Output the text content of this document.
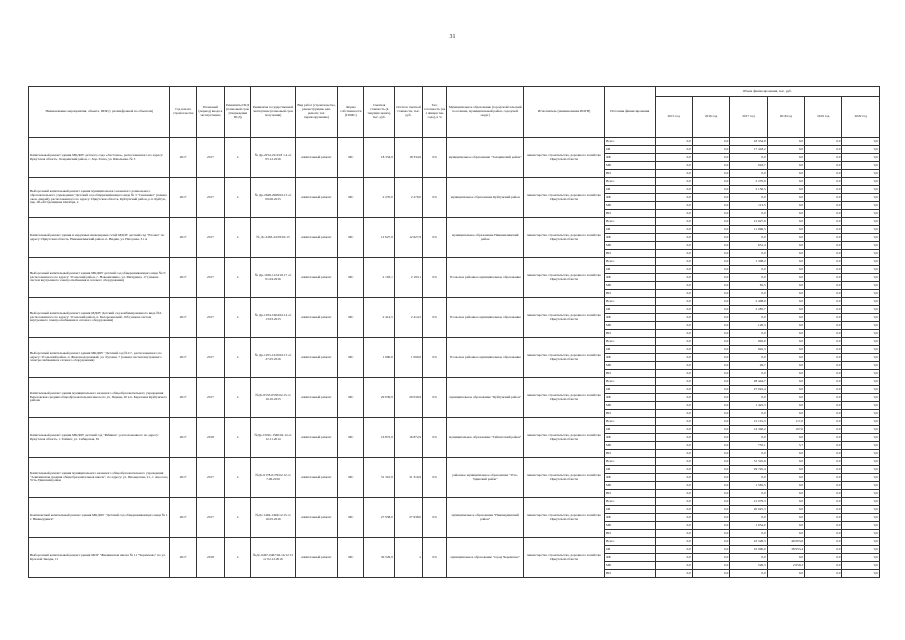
31
Наименование мероприятия, объекта, ПИР (с расшифровкой по объектам)	Год начала строительства	Плановый (период) ввода в эксплуатацию	Реквизиты ПСД (плановый срок утверждения ПСД)	Реквизиты государственной экспертизы (плановый срок получения)	Вид работ (строительство, реконструкция, кап. ремонт, тех. перевооружение)	Форма собственности (ГОМС)	Сметная стоимость (в текущих ценах), тыс. руб.	Остаток сметной стоимости, тыс. руб.	Тех. готовность (на 1 января тек. года), в %	Муниципальное образование (городской/сельский поселение, муниципальный район, городской округ)	Исполнитель (наименование ИОГВ)	Источник финансирования	Объем финансирования, тыс. руб.					
													2015 год	2016 год	2017 год	2018 год	2019 год	2020 год
Капитальный ремонт здания МКДОУ детского сада «Ласточка», расположенного по адресу: Иркутская область, Заларинский район, с. Хор-Тагна, ул. Школьная, № 3	2017	2017	х	№ Др-2254-22/4/18 1.4 от 05.12.2016	капитальный ремонт	МС	18 334,9	18 334,9	0%	муниципальное образование "Заларинский район"	министерство строительства, дорожного хозяйства Иркутской области	Всего	0,0	0,0	18 334,9	0,0	0,0	0,0
												ОБ	0,0	0,0	17 418,2	0,0	0,0	0,0
												ФБ	0,0	0,0	0,0	0,0	0,0	0,0
												МБ	0,0	0,0	916,7	0,0	0,0	0,0
												ВИ	0,0	0,0	0,0	0,0	0,0	0,0
Выборочный капитальный ремонт здания муниципального казенного дошкольного образовательного учреждения "Детский сад общеразвивающего вида № 3 "Снежинка" (замена окон, дверей), расположенного по адресу: Иркутская область, Куйтунский район, р.п. Куйтун, пер. 40-ей Годовщины Октября, 2	2017	2017	х	№ Др-2648-2968/02.15 от 09.06.2015	капитальный ремонт	МС	2 270,0	2 270,0	0%	муниципальное образование Куйтунский район	министерство строительства, дорожного хозяйства Иркутской области	Всего	0,0	0,0	2 270,0	0,0	0,0	0,0
												ОБ	0,0	0,0	2 156,5	0,0	0,0	0,0
												ФБ	0,0	0,0	0,0	0,0	0,0	0,0
												МБ	0,0	0,0	113,5	0,0	0,0	0,0
												ВИ	0,0	0,0	0,0	0,0	0,0	0,0
Капитальный ремонт здания и наружных инженерных сетей МДОУ детский сад "Елочка" по адресу: Иркутская область, Нижнеилимский район, п. Видим, ул. Нагорная, 31 А	2017	2017	х	№ Дс-2463-24/03/02.15	капитальный ремонт	МС	12 627,9	12 627,9	0%	муниципальное образование Нижнеилимский район	министерство строительства, дорожного хозяйства Иркутской области	Всего	0,0	0,0	12 627,9	0,0	0,0	0,0
												ОБ	0,0	0,0	11 996,5	0,0	0,0	0,0
												ФБ	0,0	0,0	0,0	0,0	0,0	0,0
												МБ	0,0	0,0	631,4	0,0	0,0	0,0
												ВИ	0,0	0,0	0,0	0,0	0,0	0,0
Выборочный капитальный ремонт здания МКДОУ детский сад общеразвивающего вида №17, расположенного по адресу: Усольский район, с. Новожилкино, ул. Мичурина, 17 (замена систем внутреннего электроснабжения и сетевого оборудования)	2017	2017	х	№ Др-1026-1124/16.17 от 01.04.2016	капитальный ремонт	МС	2 193,1	2 193,1	0%	Усольское районное муниципальное образование	министерство строительства, дорожного хозяйства Иркутской области	Всего	0,0	0,0	1 308,2	0,0	0,0	0,0
												ОБ	0,0	0,0	0,0	0,0	0,0	0,0
												ФБ	0,0	0,0	0,0	0,0	0,0	0,0
												МБ	0,0	0,0	65,5	0,0	0,0	0,0
												ВИ	0,0	0,0	0,0	0,0	0,0	0,0
Выборочный капитальный ремонт здания МДОУ Детский сад комбинированного вида №3, расположенного по адресу: Усольский район, п. Белореченский, 16б (замена систем внутреннего электроснабжения и сетевого оборудования)	2017	2017	х	№ Др-1034-1604/02.14 от 13.03.2015	капитальный ремонт	МС	2 414,5	2 414,5	0%	Усольское районное муниципальное образование	министерство строительства, дорожного хозяйства Иркутской области	Всего	0,0	0,0	2 408,0	0,0	0,0	0,0
												ОБ	0,0	0,0	2 285,7	0,0	0,0	0,0
												ФБ	0,0	0,0	0,0	0,0	0,0	0,0
												МБ	0,0	0,0	120,3	0,0	0,0	0,0
												ВИ	0,0	0,0	0,0	0,0	0,0	0,0
Выборочный капитальный ремонт здания МКДОУ "Детский сад №11", расположенного по адресу: Усольский район, п. Железнодорожный, ул. Луговая, 7 (замена систем внутреннего электроснабжения и сетевого оборудования)	2017	2017	х	№ Др-1455-1619/02.15 от 27.05.2016	капитальный ремонт	МС	1 090,6	1 090,6	0%	Усольское районное муниципальное образование	министерство строительства, дорожного хозяйства Иркутской области	Всего	0,0	0,0	992,0	0,0	0,0	0,0
												ОБ	0,0	0,0	942,3	0,0	0,0	0,0
												ФБ	0,0	0,0	0,0	0,0	0,0	0,0
												МБ	0,0	0,0	49,7	0,0	0,0	0,0
												ВИ	0,0	0,0	0,0	0,0	0,0	0,0
Капитальный ремонт здания муниципального казенного общеобразовательного учреждения Березовская средняя общеобразовательная школа по ул. Первая, 20 в п. Березовка Куйтунского района	2017	2017	х	№Дс-0535-0550/02.15 от 16.10.2015	капитальный ремонт	МС	29 039,9	29 039,9	0%	муниципальное образование "Куйтунский район"	министерство строительства, дорожного хозяйства Иркутской области	Всего	0,0	0,0	28 444,7	0,0	0,0	0,0
												ОБ	0,0	0,0	27 022,4	0,0	0,0	0,0
												ФБ	0,0	0,0	0,0	0,0	0,0	0,0
												МБ	0,0	0,0	1 422,3	0,0	0,0	0,0
												ВИ	0,0	0,0	0,0	0,0	0,0	0,0
Капитальный ремонт здания МКДОУ детский сад "Рябинка", расположенного по адресу: Иркутская область, г. Тайшет, ул. Сибирская, 81	2017	2018	х	№Др-1500с-1560/02.14 от 12.11.2014	капитальный ремонт	МС	16 872,9	16 872,9	0%	муниципальное образование "Тайшетский район"	министерство строительства, дорожного хозяйства Иркутской области	Всего	0,0	0,0	15 101,3	117,0	0,0	0,0
												ОБ	0,0	0,0	14 346,2	107,0	0,0	0,0
												ФБ	0,0	0,0	0,0	0,0	0,0	0,0
												МБ	0,0	0,0	755,1	5,7	0,0	0,0
												ВИ	0,0	0,0	0,0	0,0	0,0	0,0
Капитальный ремонт здания муниципального казенного общеобразовательного учреждения "Аляткинская средняя общеобразовательная школа", по адресу: ул. Пионерская, 21, с. Аносово, Усть-Удинский район	2017	2017	х	№Дс-0178-0179/02.12 от 7.06.2016	капитальный ремонт	МС	31 310,9	31 310,9	0%	районное муниципальное образование "Усть-Удинский район"	министерство строительства, дорожного хозяйства Иркутской области	Всего	0,0	0,0	31 310,9	0,0	0,0	0,0
												ОБ	0,0	0,0	29 745,4	0,0	0,0	0,0
												ФБ	0,0	0,0	0,0	0,0	0,0	0,0
												МБ	0,0	0,0	1 565,5	0,0	0,0	0,0
												ВИ	0,0	0,0	0,0	0,0	0,0	0,0
Комплексный капитальный ремонт здания МКДОУ "Детский сад общеразвивающего вида № 1 г. Нижнеудинск"	2017	2017	х	№Дс-1494-1494/12.15 от 16.05.2016	капитальный ремонт	МС	27 938,0	27 938,0	0%	муниципальное образование "Нижнеудинский район"	министерство строительства, дорожного хозяйства Иркутской области	Всего	0,0	0,0	21 079,3	0,0	0,0	0,0
												ОБ	0,0	0,0	20 025,3	0,0	0,0	0,0
												ФБ	0,0	0,0	0,0	0,0	0,0	0,0
												МБ	0,0	0,0	1 054,0	0,0	0,0	0,0
												ВИ	0,0	0,0	0,0	0,0	0,0	0,0
Выборочный капитальный ремонт здания МОУ "Жилкинская школа № 11 "Черемхово" по ул. Красной Звезды, 11	2017	2018	х	№Дс-0467-0467/02.14/12.15 от 02.12.2016	капитальный ремонт	МС	30 529,9	х	0%	муниципальное образование "город Черемхово"	министерство строительства, дорожного хозяйства Иркутской области	Всего	0,0	0,0	10 528,3	46 003,6	0,0	0,0
												ОБ	0,0	0,0	10 000,0	38 953,4	0,0	0,0
												ФБ	0,0	0,0	0,0	0,0	0,0	0,0
												МБ	0,0	0,0	526,3	2 050,2	0,0	0,0
												ВИ	0,0	0,0	0,0	0,0	0,0	0,0
